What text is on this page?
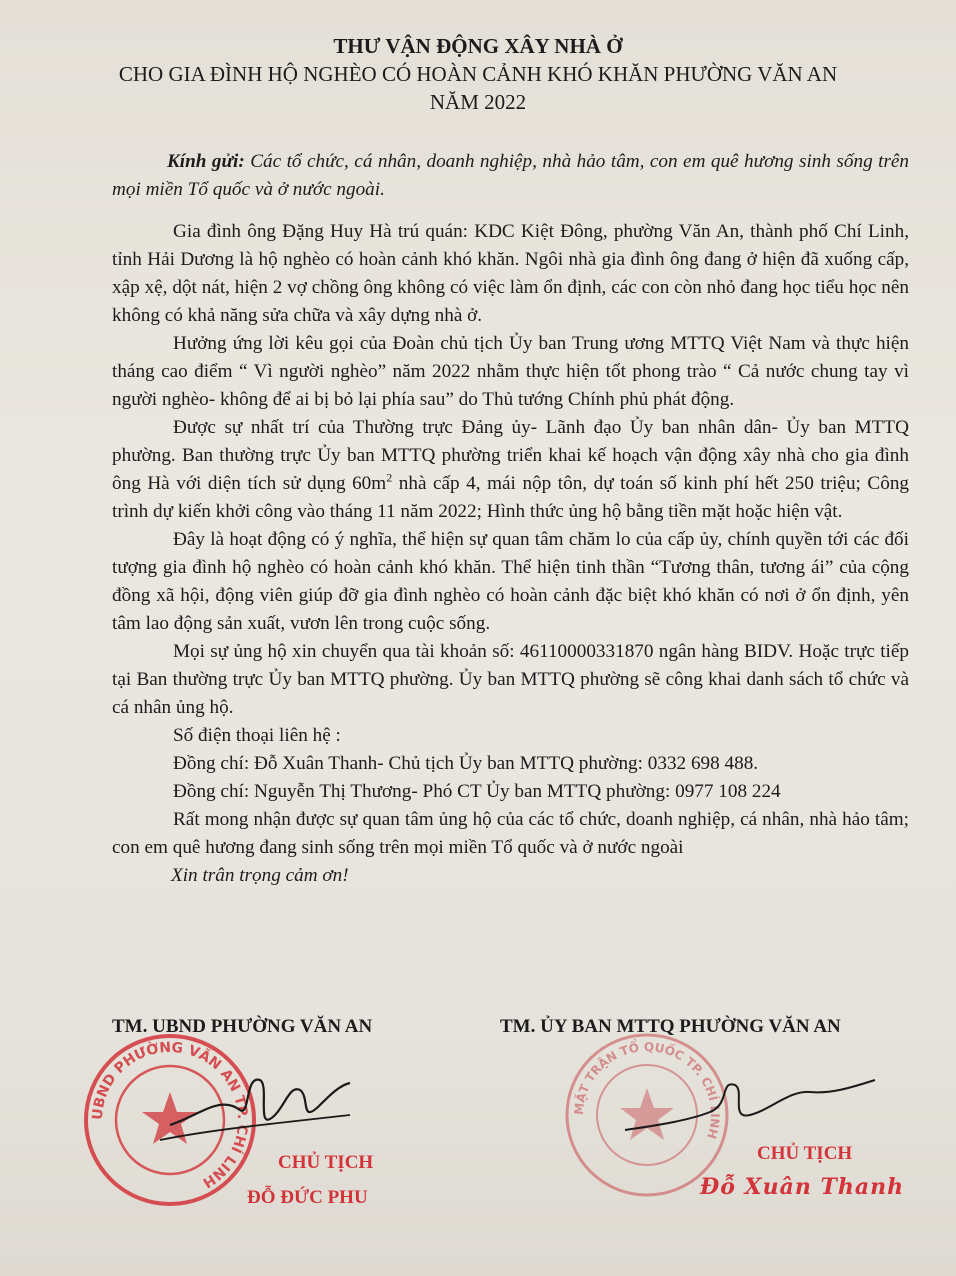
THƯ VẬN ĐỘNG XÂY NHÀ Ở
CHO GIA ĐÌNH HỘ NGHÈO CÓ HOÀN CẢNH KHÓ KHĂN PHƯỜNG VĂN AN
NĂM 2022

Kính gửi: Các tổ chức, cá nhân, doanh nghiệp, nhà hảo tâm, con em quê hương sinh sống trên mọi miền Tổ quốc và ở nước ngoài.

Gia đình ông Đặng Huy Hà trú quán: KDC Kiệt Đông, phường Văn An, thành phố Chí Linh, tỉnh Hải Dương là hộ nghèo có hoàn cảnh khó khăn. Ngôi nhà gia đình ông đang ở hiện đã xuống cấp, xập xệ, dột nát, hiện 2 vợ chồng ông không có việc làm ổn định, các con còn nhỏ đang học tiểu học nên không có khả năng sửa chữa và xây dựng nhà ở.

Hưởng ứng lời kêu gọi của Đoàn chủ tịch Ủy ban Trung ương MTTQ Việt Nam và thực hiện tháng cao điểm “ Vì người nghèo” năm 2022 nhằm thực hiện tốt phong trào “ Cả nước chung tay vì người nghèo- không để ai bị bỏ lại phía sau” do Thủ tướng Chính phủ phát động.

Được sự nhất trí của Thường trực Đảng ủy- Lãnh đạo Ủy ban nhân dân- Ủy ban MTTQ phường. Ban thường trực Ủy ban MTTQ phường triển khai kế hoạch vận động xây nhà cho gia đình ông Hà với diện tích sử dụng $60m^2$ nhà cấp 4, mái nộp tôn, dự toán số kinh phí hết 250 triệu; Công trình dự kiến khởi công vào tháng 11 năm 2022; Hình thức ủng hộ bằng tiền mặt hoặc hiện vật.

Đây là hoạt động có ý nghĩa, thể hiện sự quan tâm chăm lo của cấp ủy, chính quyền tới các đối tượng gia đình hộ nghèo có hoàn cảnh khó khăn. Thể hiện tinh thần “Tương thân, tương ái” của cộng đồng xã hội, động viên giúp đỡ gia đình nghèo có hoàn cảnh đặc biệt khó khăn có nơi ở ổn định, yên tâm lao động sản xuất, vươn lên trong cuộc sống.

Mọi sự ủng hộ xin chuyển qua tài khoản số: 46110000331870 ngân hàng BIDV. Hoặc trực tiếp tại Ban thường trực Ủy ban MTTQ phường. Ủy ban MTTQ phường sẽ công khai danh sách tổ chức và cá nhân ủng hộ.

Số điện thoại liên hệ :

Đồng chí: Đỗ Xuân Thanh- Chủ tịch Ủy ban MTTQ phường: 0332 698 488.

Đồng chí: Nguyễn Thị Thương- Phó CT Ủy ban MTTQ phường: 0977 108 224

Rất mong nhận được sự quan tâm ủng hộ của các tổ chức, doanh nghiệp, cá nhân, nhà hảo tâm; con em quê hương đang sinh sống trên mọi miền Tổ quốc và ở nước ngoài

Xin trân trọng cảm ơn!

TM. UBND PHƯỜNG VĂN AN	TM. ỦY BAN MTTQ PHƯỜNG VĂN AN
UBND PHƯỜNG VĂN AN TP. CHÍ LINH
CHỦ TỊCH
ĐỖ ĐỨC PHU
MẶT TRẬN TỔ QUỐC TP. CHÍ LINH
CHỦ TỊCH
Đỗ Xuân Thanh
